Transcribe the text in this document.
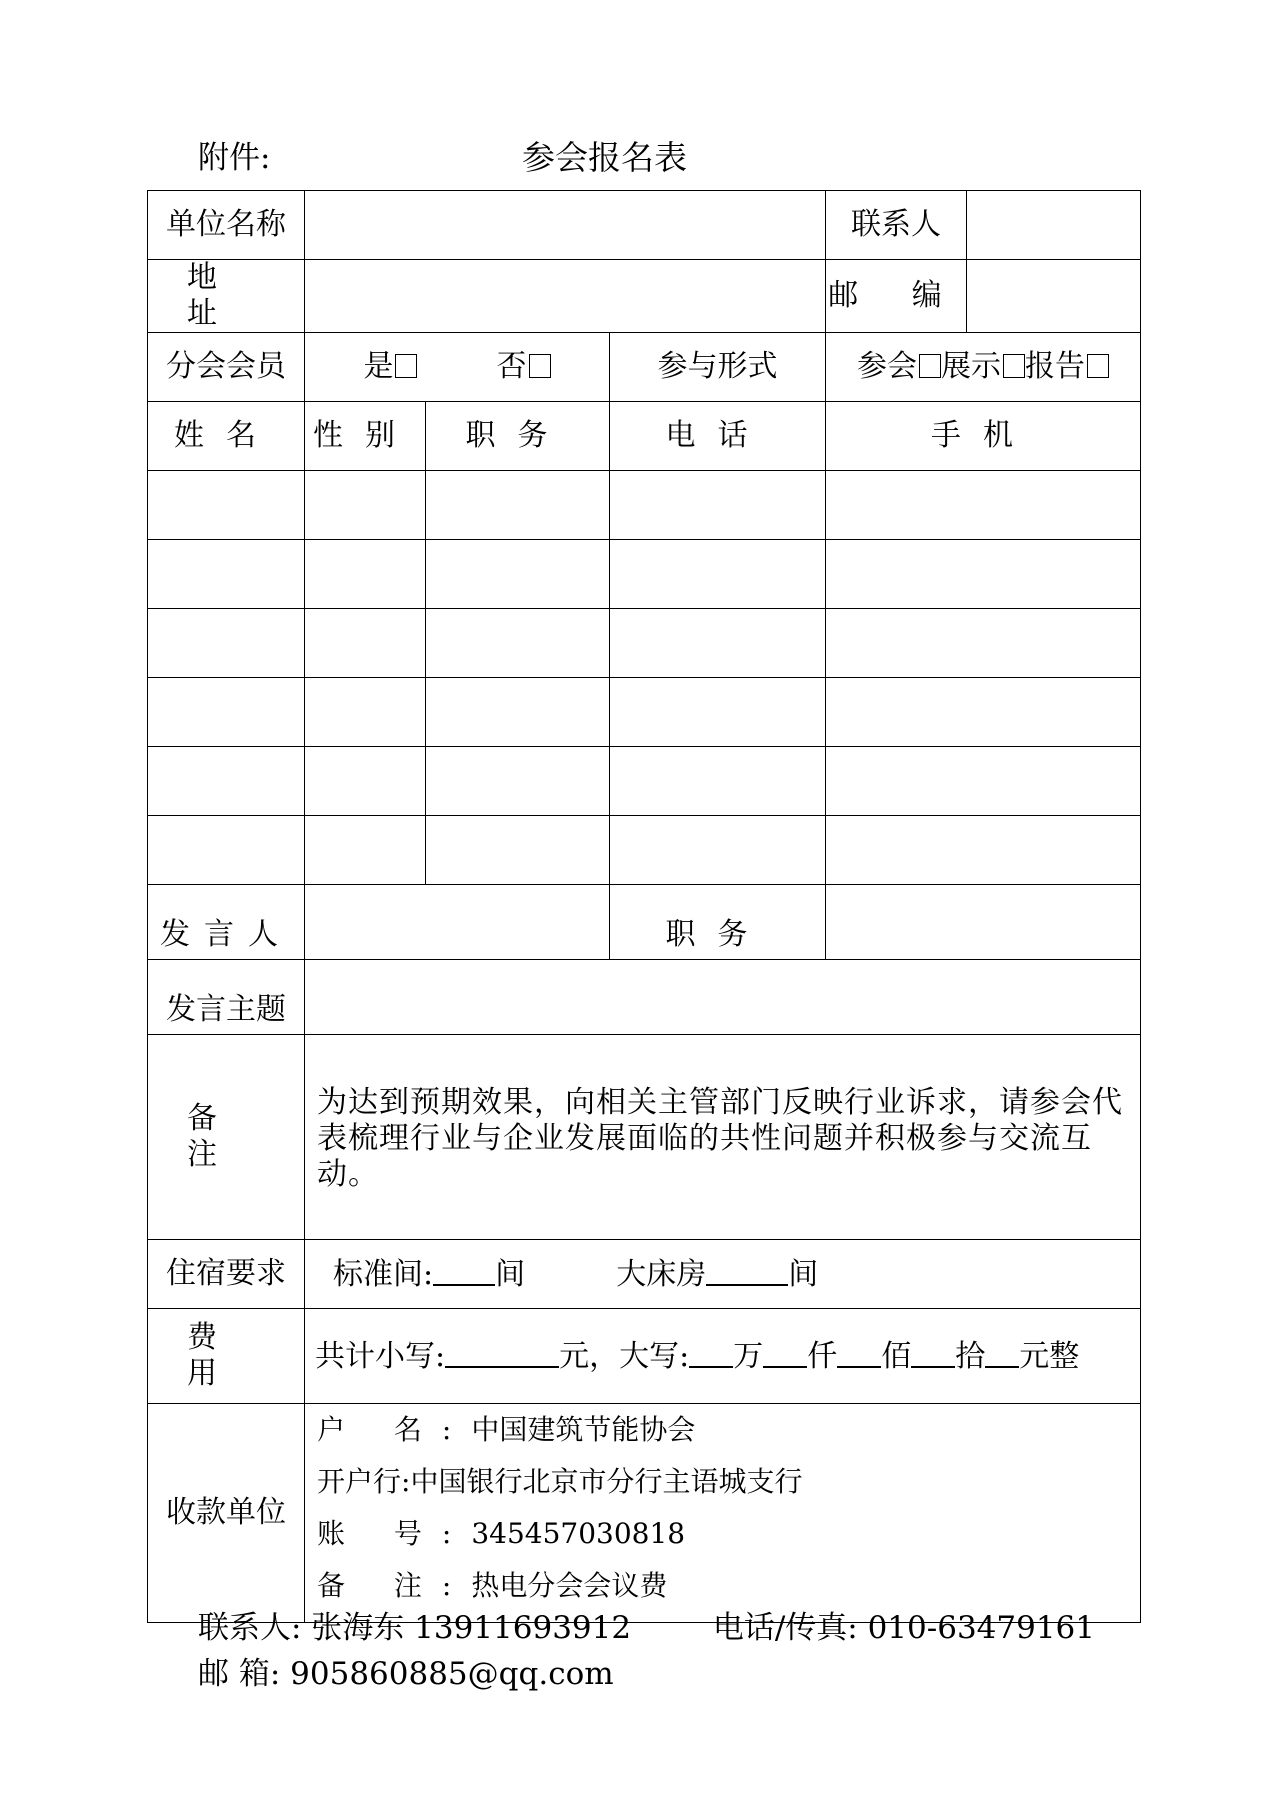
附件:	参会报名表
单位名称				联系人	
地 址				邮 编	
分会会员	是 否		参与形式	参会 展示 报告	
姓名	性别	职务	电话	手机	

发言人			职务		
发言主题					
备 注	为达到预期效果，向相关主管部门反映行业诉求，请参会代表梳理行业与企业发展面临的共性问题并积极参与交流互动。				
住宿要求	标准间: 间 大床房 间				
费 用	共计小写: 元，大写: 万 仟 佰 拾 元整				
收款单位	户 名:中国建筑节能协会
开户行:中国银行北京市分行主语城支行
账 号:345457030818
备 注:热电分会会议费				
联系人: 张海东 13911693912	电话/传真: 010-63479161
邮 箱: 905860885@qq.com
